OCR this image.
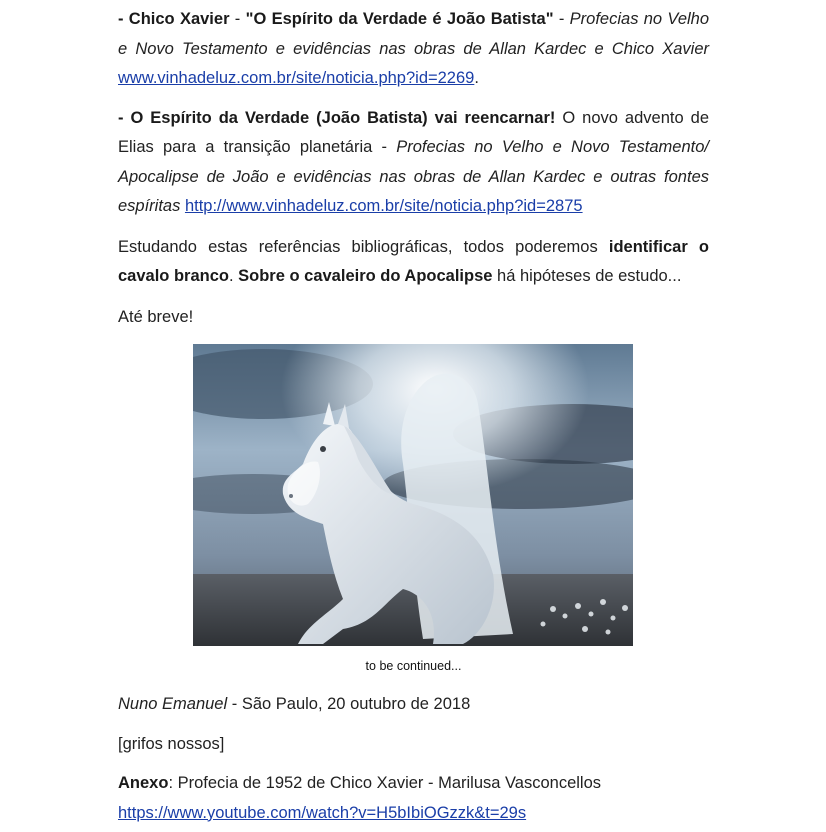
- Chico Xavier - "O Espírito da Verdade é João Batista" - Profecias no Velho e Novo Testamento e evidências nas obras de Allan Kardec e Chico Xavier www.vinhadeluz.com.br/site/noticia.php?id=2269.

- O Espírito da Verdade (João Batista) vai reencarnar! O novo advento de Elias para a transição planetária - Profecias no Velho e Novo Testamento/ Apocalipse de João e evidências nas obras de Allan Kardec e outras fontes espíritas http://www.vinhadeluz.com.br/site/noticia.php?id=2875

Estudando estas referências bibliográficas, todos poderemos identificar o cavalo branco. Sobre o cavaleiro do Apocalipse há hipóteses de estudo...

Até breve!

to be continued...

Nuno Emanuel - São Paulo, 20 outubro de 2018

[grifos nossos]

Anexo: Profecia de 1952 de Chico Xavier - Marilusa Vasconcellos
https://www.youtube.com/watch?v=H5bIbiOGzzk&t=29s
